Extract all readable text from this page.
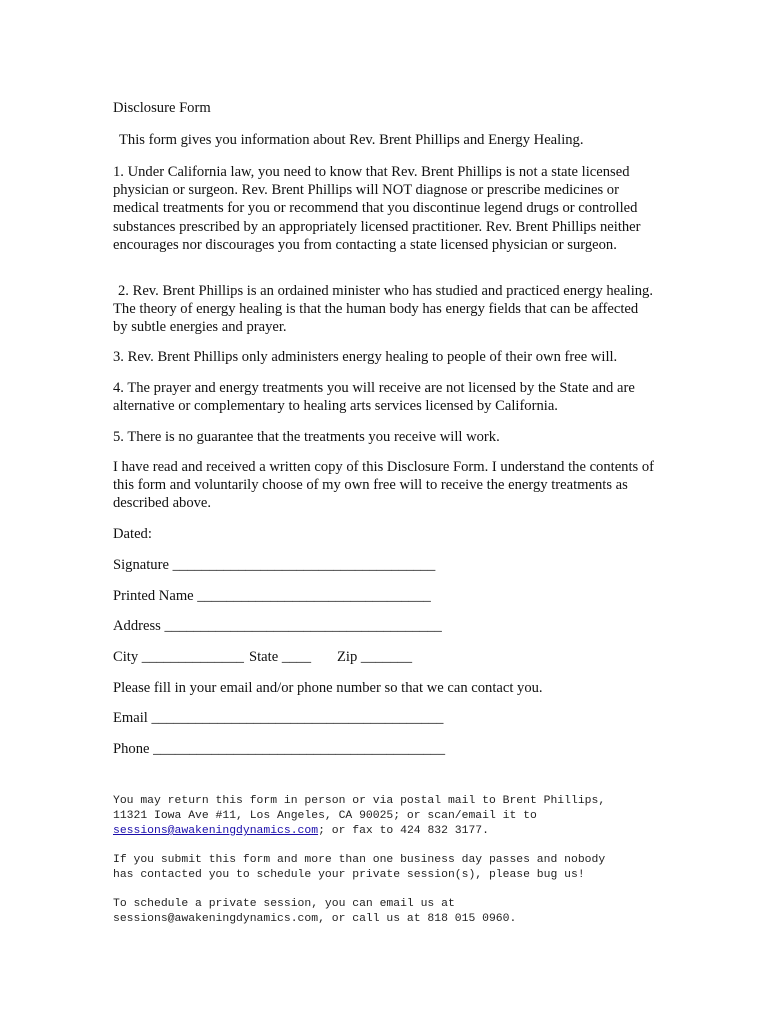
Disclosure Form

This form gives you information about Rev. Brent Phillips and Energy Healing.

1. Under California law, you need to know that Rev. Brent Phillips is not a state licensed physician or surgeon. Rev. Brent Phillips will NOT diagnose or prescribe medicines or medical treatments for you or recommend that you discontinue legend drugs or controlled substances prescribed by an appropriately licensed practitioner. Rev. Brent Phillips neither encourages nor discourages you from contacting a state licensed physician or surgeon.

2. Rev. Brent Phillips is an ordained minister who has studied and practiced energy healing. The theory of energy healing is that the human body has energy fields that can be affected by subtle energies and prayer.

3. Rev. Brent Phillips only administers energy healing to people of their own free will.

4. The prayer and energy treatments you will receive are not licensed by the State and are alternative or complementary to healing arts services licensed by California.

5. There is no guarantee that the treatments you receive will work.

I have read and received a written copy of this Disclosure Form. I understand the contents of this form and voluntarily choose of my own free will to receive the energy treatments as described above.

Dated:

Signature ____________________________________

Printed Name ________________________________

Address ______________________________________

City ______________ State ____	Zip _______

Please fill in your email and/or phone number so that we can contact you.

Email ________________________________________

Phone ________________________________________

You may return this form in person or via postal mail to Brent Phillips,
11321 Iowa Ave #11, Los Angeles, CA 90025; or scan/email it to
sessions@awakeningdynamics.com; or fax to 424 832 3177.
If you submit this form and more than one business day passes and nobody
has contacted you to schedule your private session(s), please bug us!
To schedule a private session, you can email us at
sessions@awakeningdynamics.com, or call us at 818 015 0960.
